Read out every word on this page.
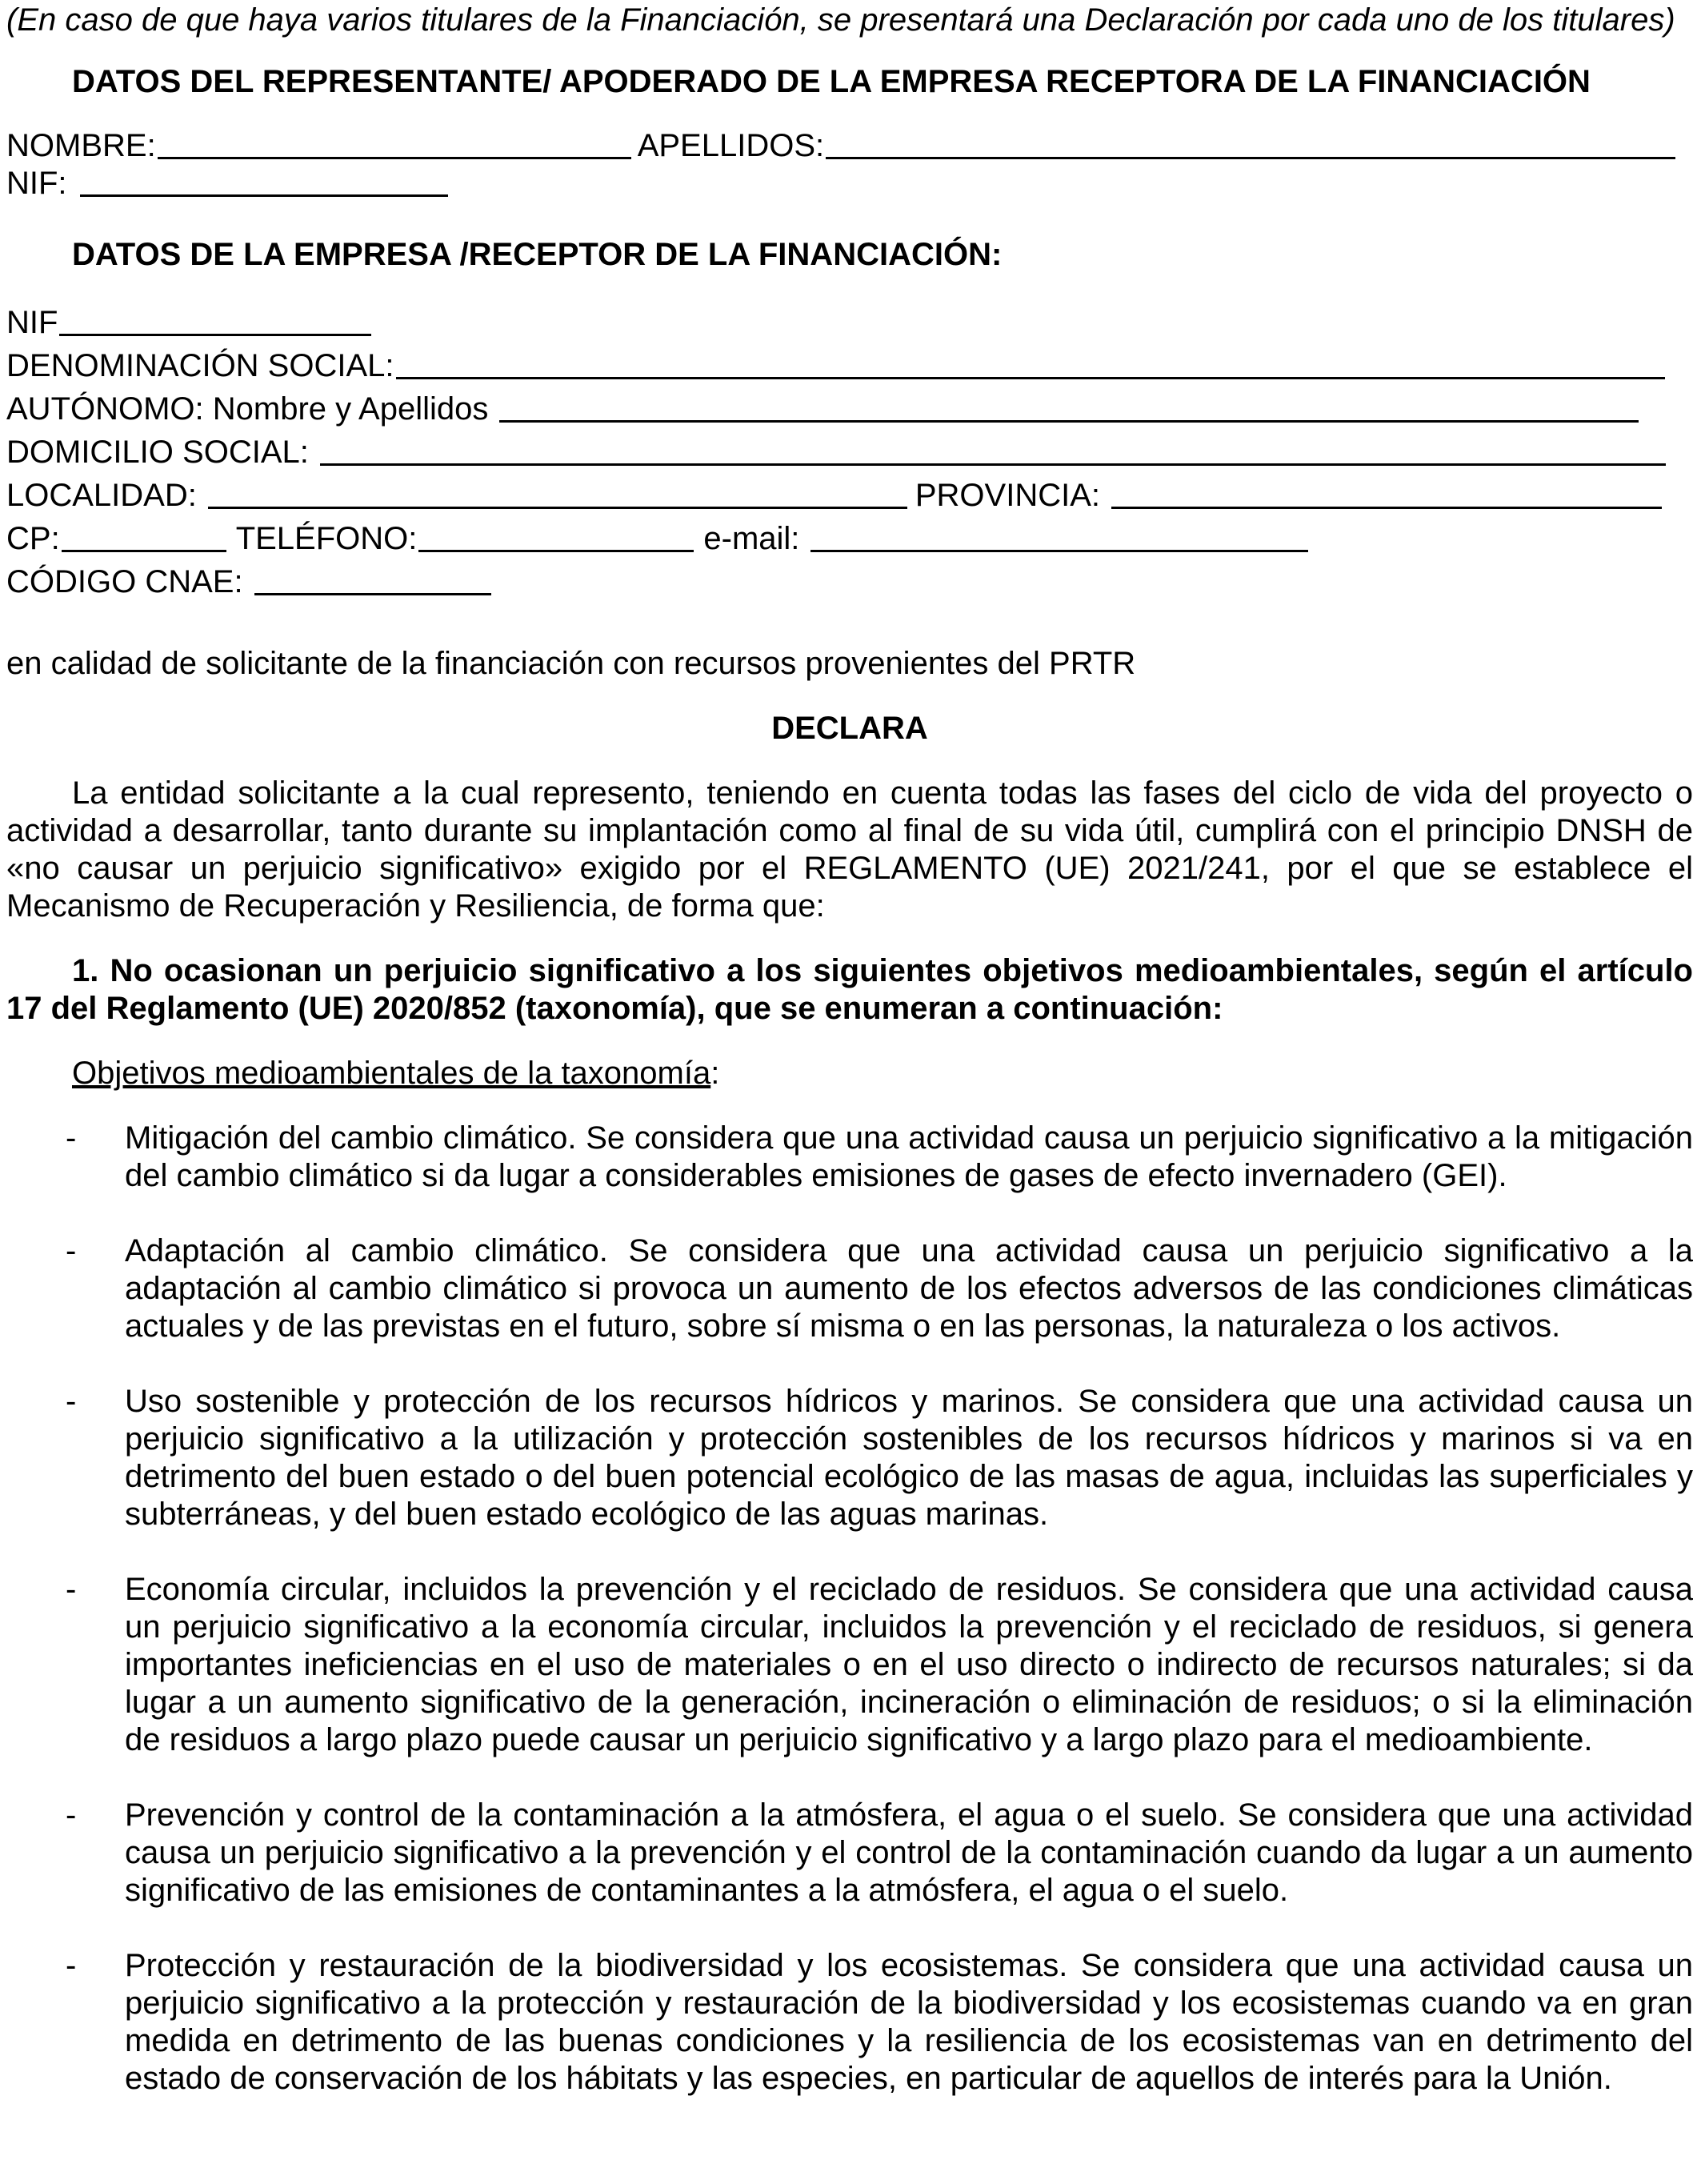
(En caso de que haya varios titulares de la Financiación, se presentará una Declaración por cada uno de los titulares)
DATOS DEL REPRESENTANTE/ APODERADO DE LA EMPRESA RECEPTORA DE LA FINANCIACIÓN
NOMBRE:	APELLIDOS:
NIF:
DATOS DE LA EMPRESA /RECEPTOR DE LA FINANCIACIÓN:
NIF
DENOMINACIÓN SOCIAL:
AUTÓNOMO: Nombre y Apellidos
DOMICILIO SOCIAL:
LOCALIDAD:	PROVINCIA:
CP:	TELÉFONO:	e-mail:
CÓDIGO CNAE:
en calidad de solicitante de la financiación con recursos provenientes del PRTR
DECLARA
La entidad solicitante a la cual represento, teniendo en cuenta todas las fases del ciclo de vida del proyecto o actividad a desarrollar, tanto durante su implantación como al final de su vida útil, cumplirá con el principio DNSH de «no causar un perjuicio significativo» exigido por el REGLAMENTO (UE) 2021/241, por el que se establece el Mecanismo de Recuperación y Resiliencia, de forma que:
1. No ocasionan un perjuicio significativo a los siguientes objetivos medioambientales, según el artículo 17 del Reglamento (UE) 2020/852 (taxonomía), que se enumeran a continuación:
Objetivos medioambientales de la taxonomía:
-	Mitigación del cambio climático. Se considera que una actividad causa un perjuicio significativo a la mitigación del cambio climático si da lugar a considerables emisiones de gases de efecto invernadero (GEI).
-	Adaptación al cambio climático. Se considera que una actividad causa un perjuicio significativo a la adaptación al cambio climático si provoca un aumento de los efectos adversos de las condiciones climáticas actuales y de las previstas en el futuro, sobre sí misma o en las personas, la naturaleza o los activos.
-	Uso sostenible y protección de los recursos hídricos y marinos. Se considera que una actividad causa un perjuicio significativo a la utilización y protección sostenibles de los recursos hídricos y marinos si va en detrimento del buen estado o del buen potencial ecológico de las masas de agua, incluidas las superficiales y subterráneas, y del buen estado ecológico de las aguas marinas.
-	Economía circular, incluidos la prevención y el reciclado de residuos. Se considera que una actividad causa un perjuicio significativo a la economía circular, incluidos la prevención y el reciclado de residuos, si genera importantes ineficiencias en el uso de materiales o en el uso directo o indirecto de recursos naturales; si da lugar a un aumento significativo de la generación, incineración o eliminación de residuos; o si la eliminación de residuos a largo plazo puede causar un perjuicio significativo y a largo plazo para el medioambiente.
-	Prevención y control de la contaminación a la atmósfera, el agua o el suelo. Se considera que una actividad causa un perjuicio significativo a la prevención y el control de la contaminación cuando da lugar a un aumento significativo de las emisiones de contaminantes a la atmósfera, el agua o el suelo.
-	Protección y restauración de la biodiversidad y los ecosistemas. Se considera que una actividad causa un perjuicio significativo a la protección y restauración de la biodiversidad y los ecosistemas cuando va en gran medida en detrimento de las buenas condiciones y la resiliencia de los ecosistemas van en detrimento del estado de conservación de los hábitats y las especies, en particular de aquellos de interés para la Unión.
